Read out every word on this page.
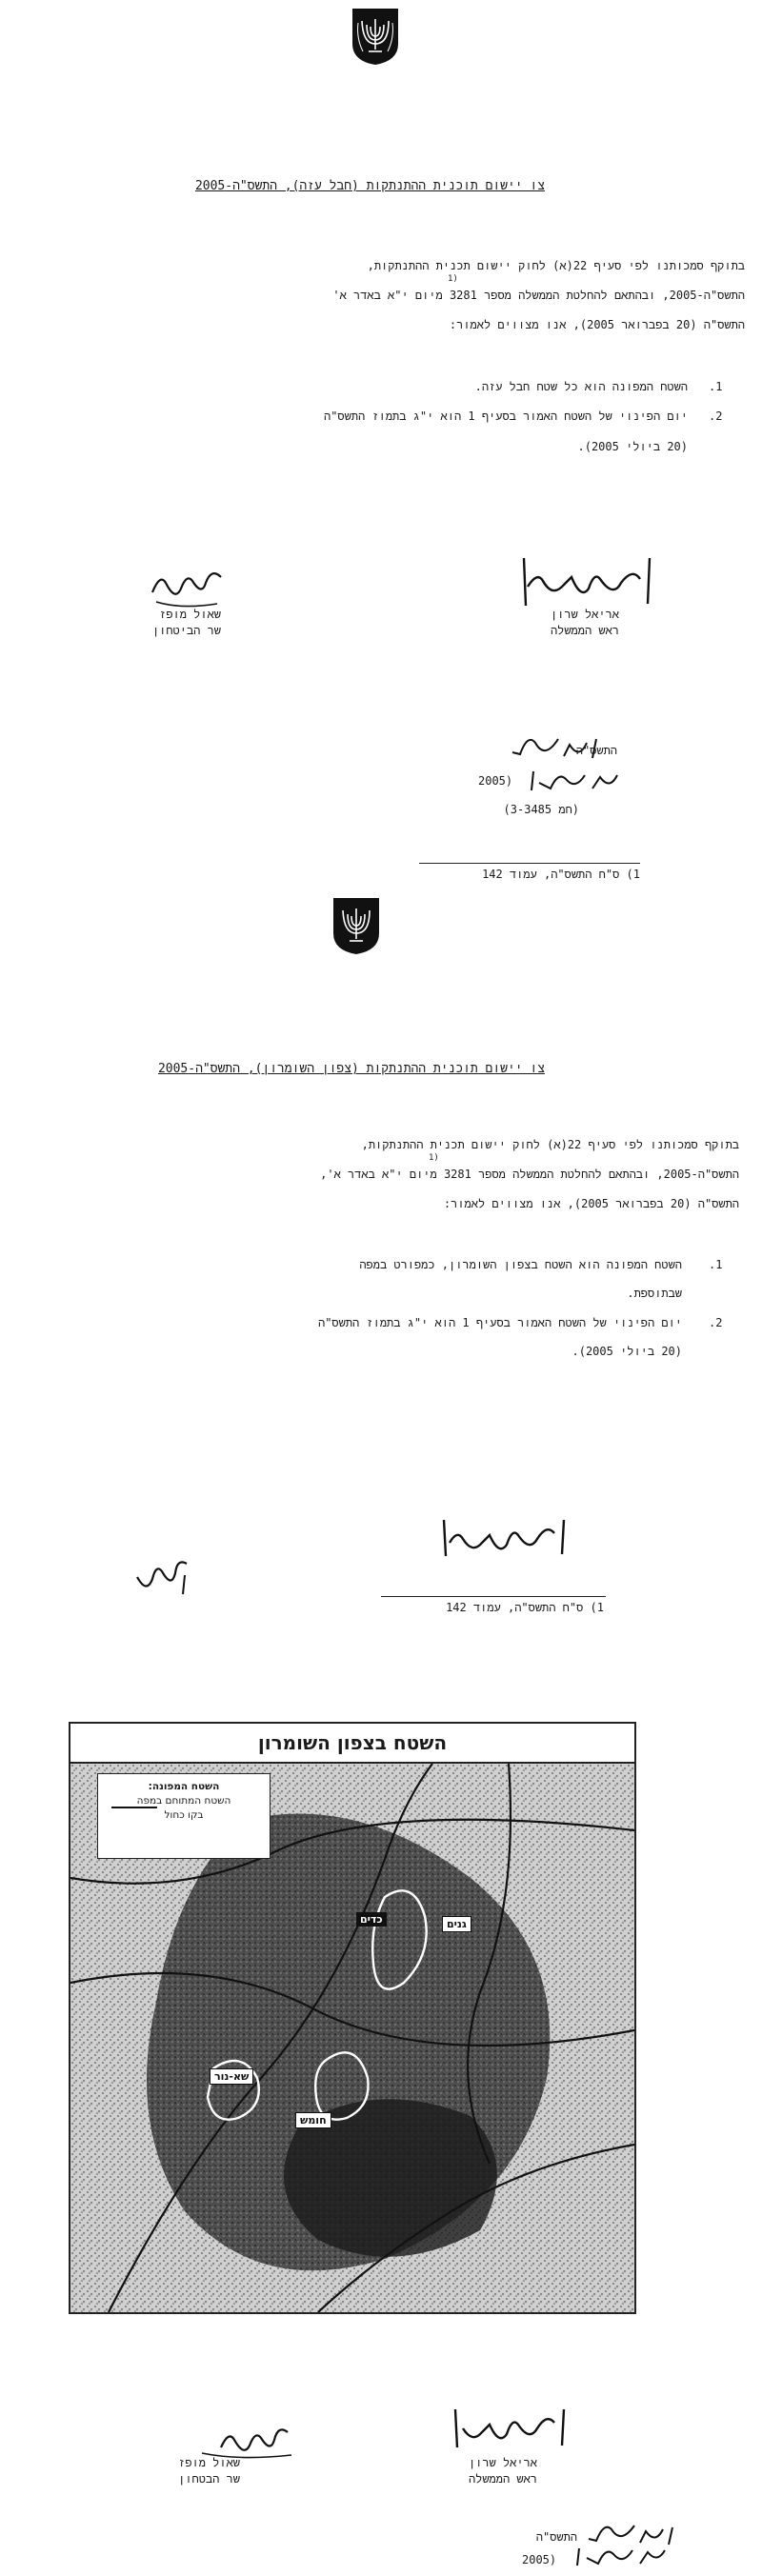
צו יישום תוכנית ההתנתקות (חבל עזה), התשס"ה-2005
1)
בתוקף סמכותנו לפי סעיף 22(א) לחוק יישום תכנית ההתנתקות,
התשס"ה-2005, ובהתאם להחלטת הממשלה מספר 3281 מיום י"א באדר א'
התשס"ה (20 בפברואר 2005), אנו מצווים לאמור:
.1
השטח המפונה הוא כל שטח חבל עזה.
.2
יום הפינוי של השטח האמור בסעיף 1 הוא י"ג בתמוז התשס"ה
(20 ביולי 2005).
אריאל שרון
ראש הממשלה
שאול מופז
שר הביטחון
התשס"ה
2005)
(חמ 3-3485)
1) ס"ח התשס"ה, עמוד 142
צו יישום תוכנית ההתנתקות (צפון השומרון), התשס"ה-2005
1)
בתוקף סמכותנו לפי סעיף 22(א) לחוק יישום תכנית ההתנתקות,
התשס"ה-2005, ובהתאם להחלטת הממשלה מספר 3281 מיום י"א באדר א',
התשס"ה (20 בפברואר 2005), אנו מצווים לאמור:
.1
השטח המפונה הוא השטח בצפון השומרון, כמפורט במפה
שבתוספת.
.2
יום הפינוי של השטח האמור בסעיף 1 הוא י"ג בתמוז התשס"ה
(20 ביולי 2005).
1) ס"ח התשס"ה, עמוד 142
השטח בצפון השומרון
השטח המפונה:
השטח המתוחם במפה
בקו כחול
גנים
כדים
שא-נור
חומש
אריאל שרון
ראש הממשלה
שאול מופז
שר הבטחון
התשס"ה
2005)
